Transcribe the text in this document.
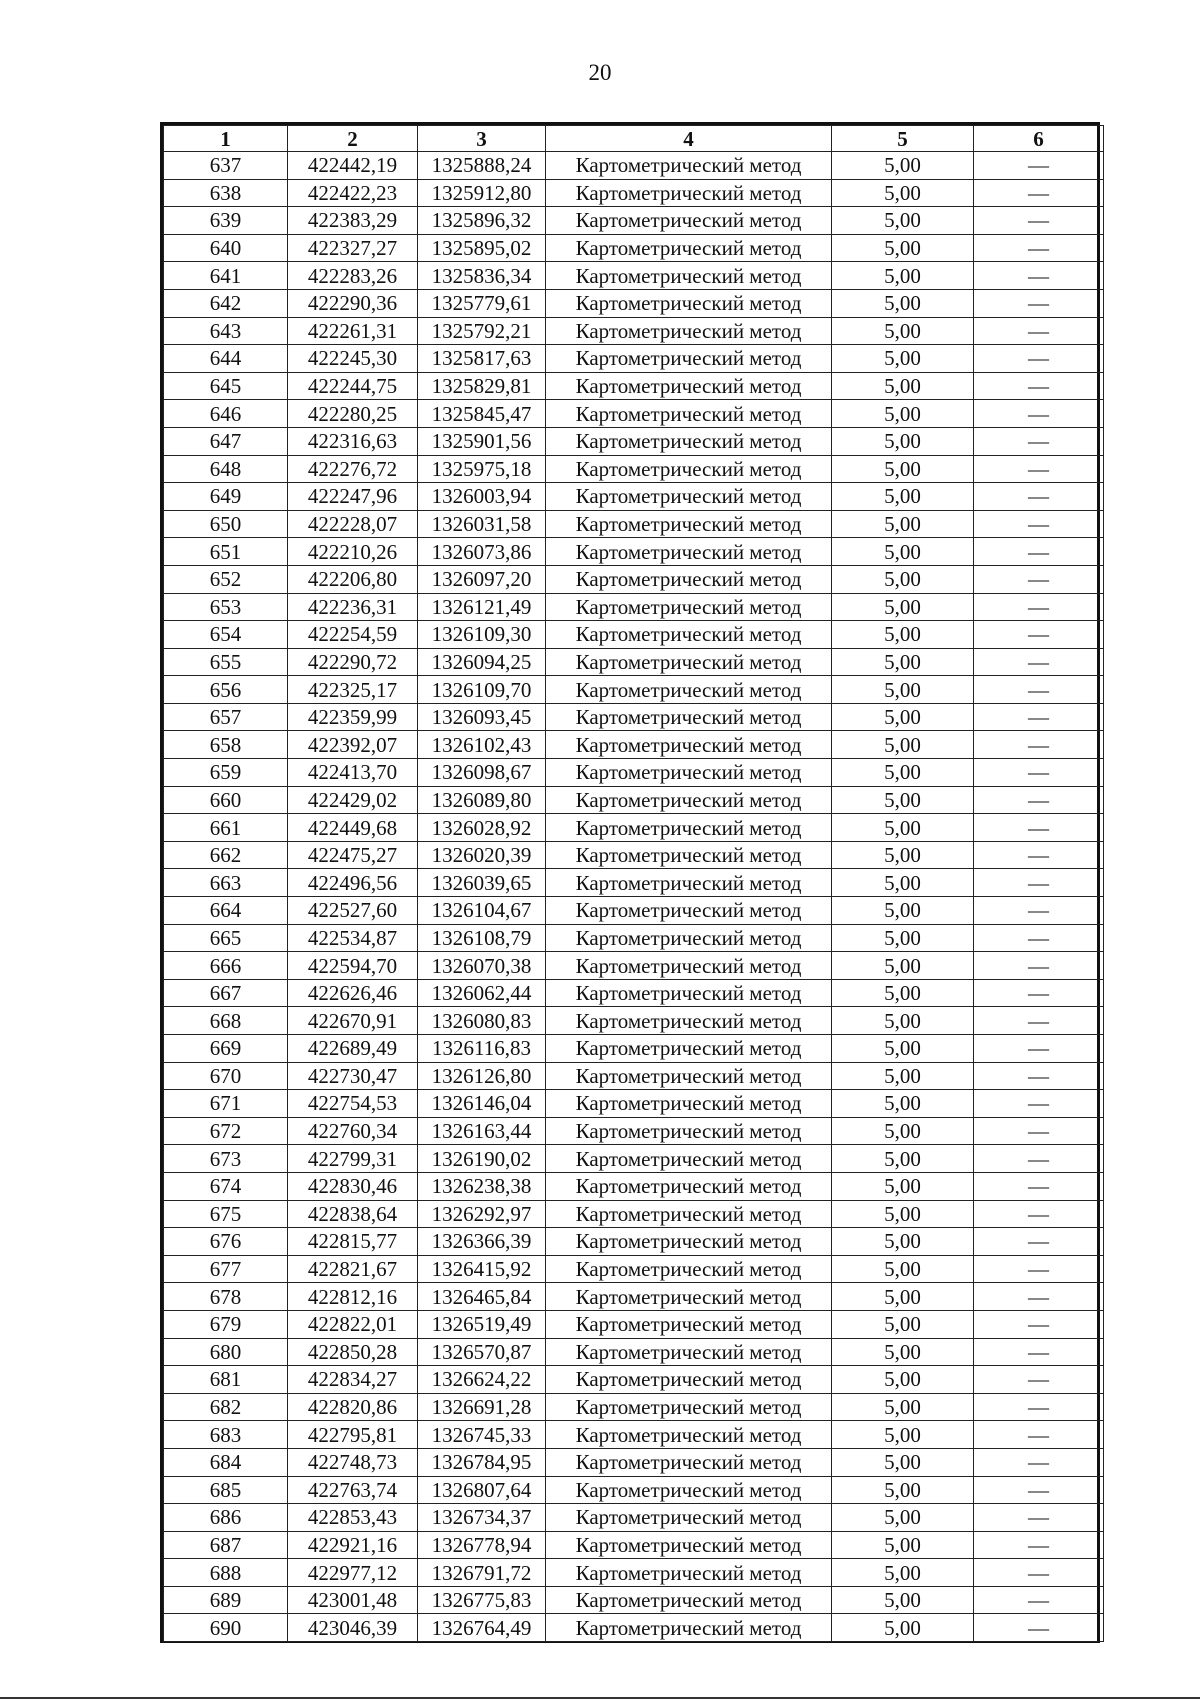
20
1	2	3	4	5	6
637	422442,19	1325888,24	Картометрический метод	5,00	—
638	422422,23	1325912,80	Картометрический метод	5,00	—
639	422383,29	1325896,32	Картометрический метод	5,00	—
640	422327,27	1325895,02	Картометрический метод	5,00	—
641	422283,26	1325836,34	Картометрический метод	5,00	—
642	422290,36	1325779,61	Картометрический метод	5,00	—
643	422261,31	1325792,21	Картометрический метод	5,00	—
644	422245,30	1325817,63	Картометрический метод	5,00	—
645	422244,75	1325829,81	Картометрический метод	5,00	—
646	422280,25	1325845,47	Картометрический метод	5,00	—
647	422316,63	1325901,56	Картометрический метод	5,00	—
648	422276,72	1325975,18	Картометрический метод	5,00	—
649	422247,96	1326003,94	Картометрический метод	5,00	—
650	422228,07	1326031,58	Картометрический метод	5,00	—
651	422210,26	1326073,86	Картометрический метод	5,00	—
652	422206,80	1326097,20	Картометрический метод	5,00	—
653	422236,31	1326121,49	Картометрический метод	5,00	—
654	422254,59	1326109,30	Картометрический метод	5,00	—
655	422290,72	1326094,25	Картометрический метод	5,00	—
656	422325,17	1326109,70	Картометрический метод	5,00	—
657	422359,99	1326093,45	Картометрический метод	5,00	—
658	422392,07	1326102,43	Картометрический метод	5,00	—
659	422413,70	1326098,67	Картометрический метод	5,00	—
660	422429,02	1326089,80	Картометрический метод	5,00	—
661	422449,68	1326028,92	Картометрический метод	5,00	—
662	422475,27	1326020,39	Картометрический метод	5,00	—
663	422496,56	1326039,65	Картометрический метод	5,00	—
664	422527,60	1326104,67	Картометрический метод	5,00	—
665	422534,87	1326108,79	Картометрический метод	5,00	—
666	422594,70	1326070,38	Картометрический метод	5,00	—
667	422626,46	1326062,44	Картометрический метод	5,00	—
668	422670,91	1326080,83	Картометрический метод	5,00	—
669	422689,49	1326116,83	Картометрический метод	5,00	—
670	422730,47	1326126,80	Картометрический метод	5,00	—
671	422754,53	1326146,04	Картометрический метод	5,00	—
672	422760,34	1326163,44	Картометрический метод	5,00	—
673	422799,31	1326190,02	Картометрический метод	5,00	—
674	422830,46	1326238,38	Картометрический метод	5,00	—
675	422838,64	1326292,97	Картометрический метод	5,00	—
676	422815,77	1326366,39	Картометрический метод	5,00	—
677	422821,67	1326415,92	Картометрический метод	5,00	—
678	422812,16	1326465,84	Картометрический метод	5,00	—
679	422822,01	1326519,49	Картометрический метод	5,00	—
680	422850,28	1326570,87	Картометрический метод	5,00	—
681	422834,27	1326624,22	Картометрический метод	5,00	—
682	422820,86	1326691,28	Картометрический метод	5,00	—
683	422795,81	1326745,33	Картометрический метод	5,00	—
684	422748,73	1326784,95	Картометрический метод	5,00	—
685	422763,74	1326807,64	Картометрический метод	5,00	—
686	422853,43	1326734,37	Картометрический метод	5,00	—
687	422921,16	1326778,94	Картометрический метод	5,00	—
688	422977,12	1326791,72	Картометрический метод	5,00	—
689	423001,48	1326775,83	Картометрический метод	5,00	—
690	423046,39	1326764,49	Картометрический метод	5,00	—
